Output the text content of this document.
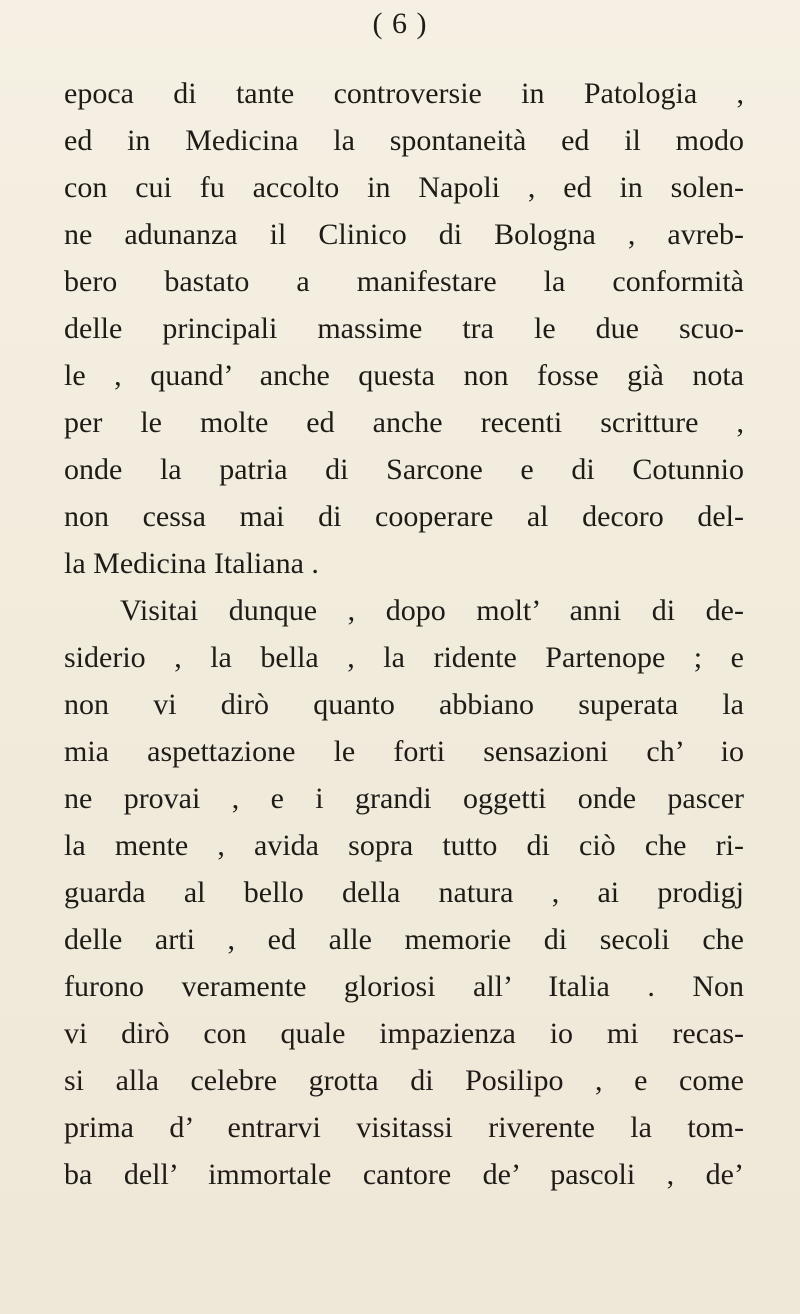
( 6 )
epoca di tante controversie in Patologia ,
ed in Medicina la spontaneità ed il modo
con cui fu accolto in Napoli , ed in solen-
ne adunanza il Clinico di Bologna , avreb-
bero bastato a manifestare la conformità
delle principali massime tra le due scuo-
le , quand’ anche questa non fosse già nota
per le molte ed anche recenti scritture ,
onde la patria di Sarcone e di Cotunnio
non cessa mai di cooperare al decoro del-
la Medicina Italiana .
Visitai dunque , dopo molt’ anni di de-
siderio , la bella , la ridente Partenope ; e
non vi dirò quanto abbiano superata la
mia aspettazione le forti sensazioni ch’ io
ne provai , e i grandi oggetti onde pascer
la mente , avida sopra tutto di ciò che ri-
guarda al bello della natura , ai prodigj
delle arti , ed alle memorie di secoli che
furono veramente gloriosi all’ Italia . Non
vi dirò con quale impazienza io mi recas-
si alla celebre grotta di Posilipo , e come
prima d’ entrarvi visitassi riverente la tom-
ba dell’ immortale cantore de’ pascoli , de’
